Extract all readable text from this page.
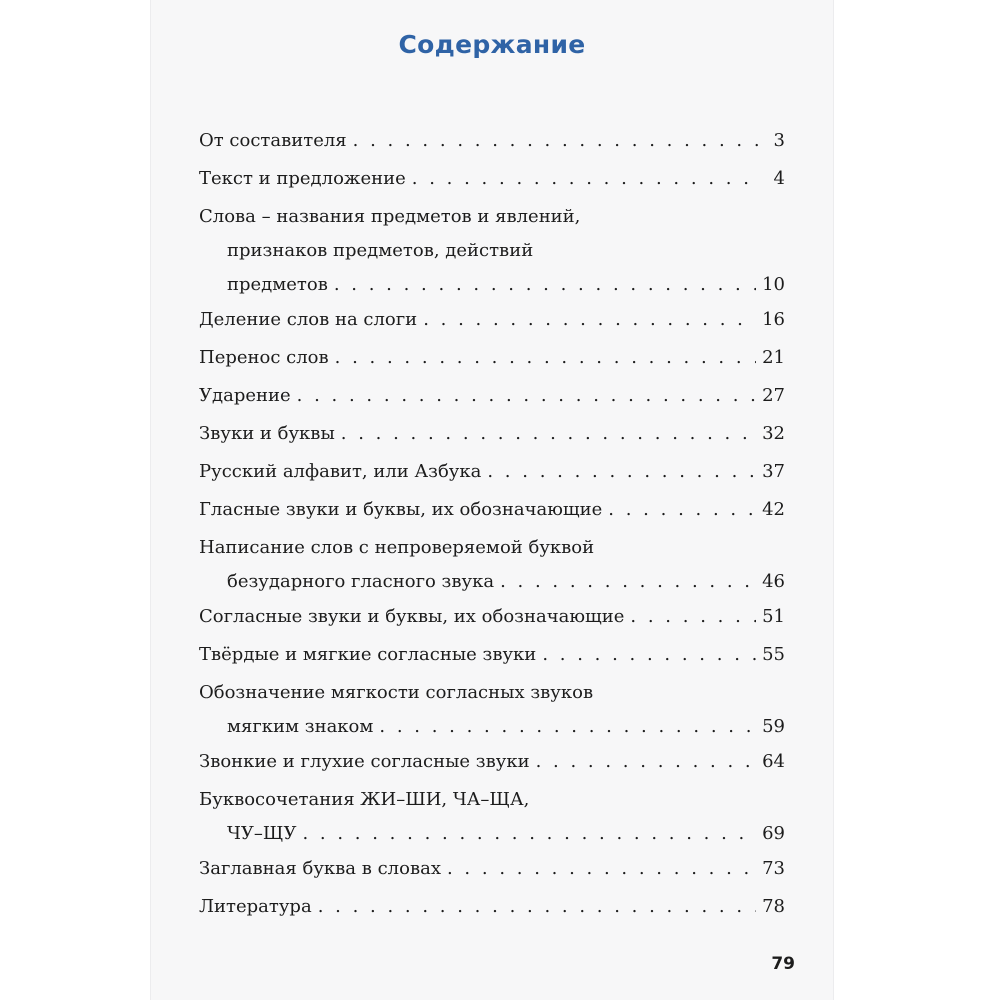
Содержание
От составителя . . .	3
Текст и предложение . . .	4
Слова – названия предметов и явлений,
признаков предметов, действий
предметов . . .	10
Деление слов на слоги . . .	16
Перенос слов . . .	21
Ударение . . .	27
Звуки и буквы . . .	32
Русский алфавит, или Азбука . . .	37
Гласные звуки и буквы, их обозначающие . . .	42
Написание слов с непроверяемой буквой
безударного гласного звука . . .	46
Согласные звуки и буквы, их обозначающие . . .	51
Твёрдые и мягкие согласные звуки . . .	55
Обозначение мягкости согласных звуков
мягким знаком . . .	59
Звонкие и глухие согласные звуки . . .	64
Буквосочетания ЖИ–ШИ, ЧА–ЩА,
ЧУ–ЩУ . . .	69
Заглавная буква в словах . . .	73
Литература . . .	78
79
